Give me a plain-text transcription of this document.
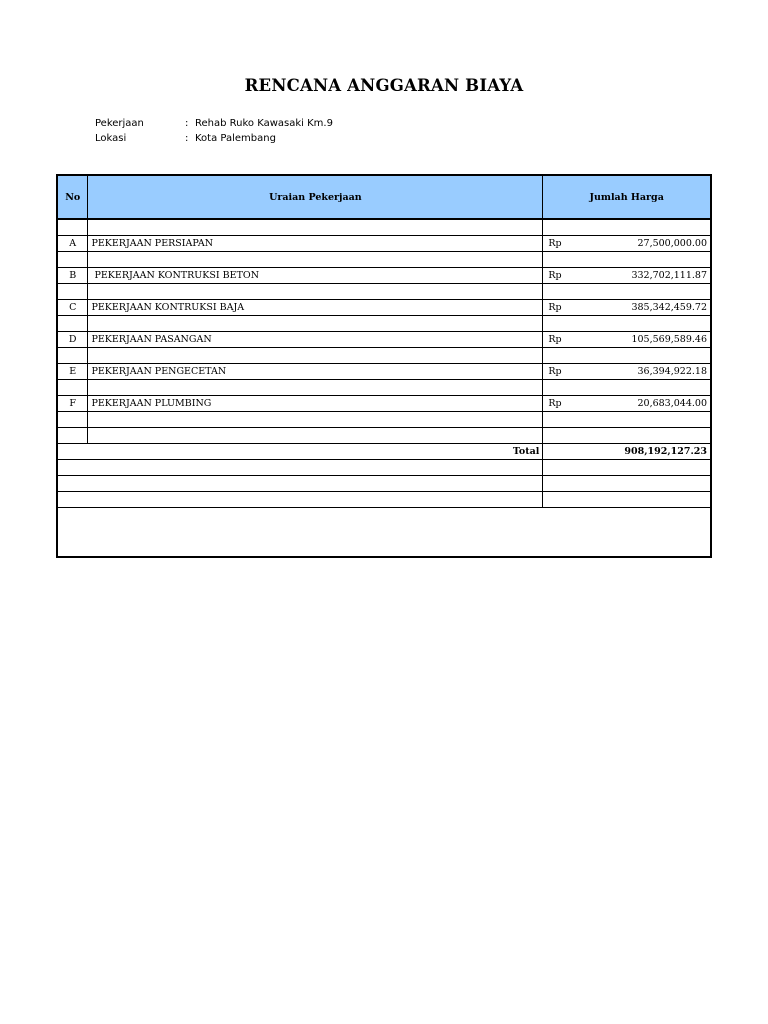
RENCANA ANGGARAN BIAYA
Pekerjaan	: Rehab Ruko Kawasaki Km.9
Lokasi	: Kota Palembang
No	Uraian Pekerjaan	Jumlah Harga

A	PEKERJAAN PERSIAPAN	Rp 27,500,000.00

B	PEKERJAAN KONTRUKSI BETON	Rp 332,702,111.87

C	PEKERJAAN KONTRUKSI BAJA	Rp 385,342,459.72

D	PEKERJAAN PASANGAN	Rp 105,569,589.46

E	PEKERJAAN PENGECETAN	Rp 36,394,922.18

F	PEKERJAAN PLUMBING	Rp 20,683,044.00

Total		908,192,127.23
